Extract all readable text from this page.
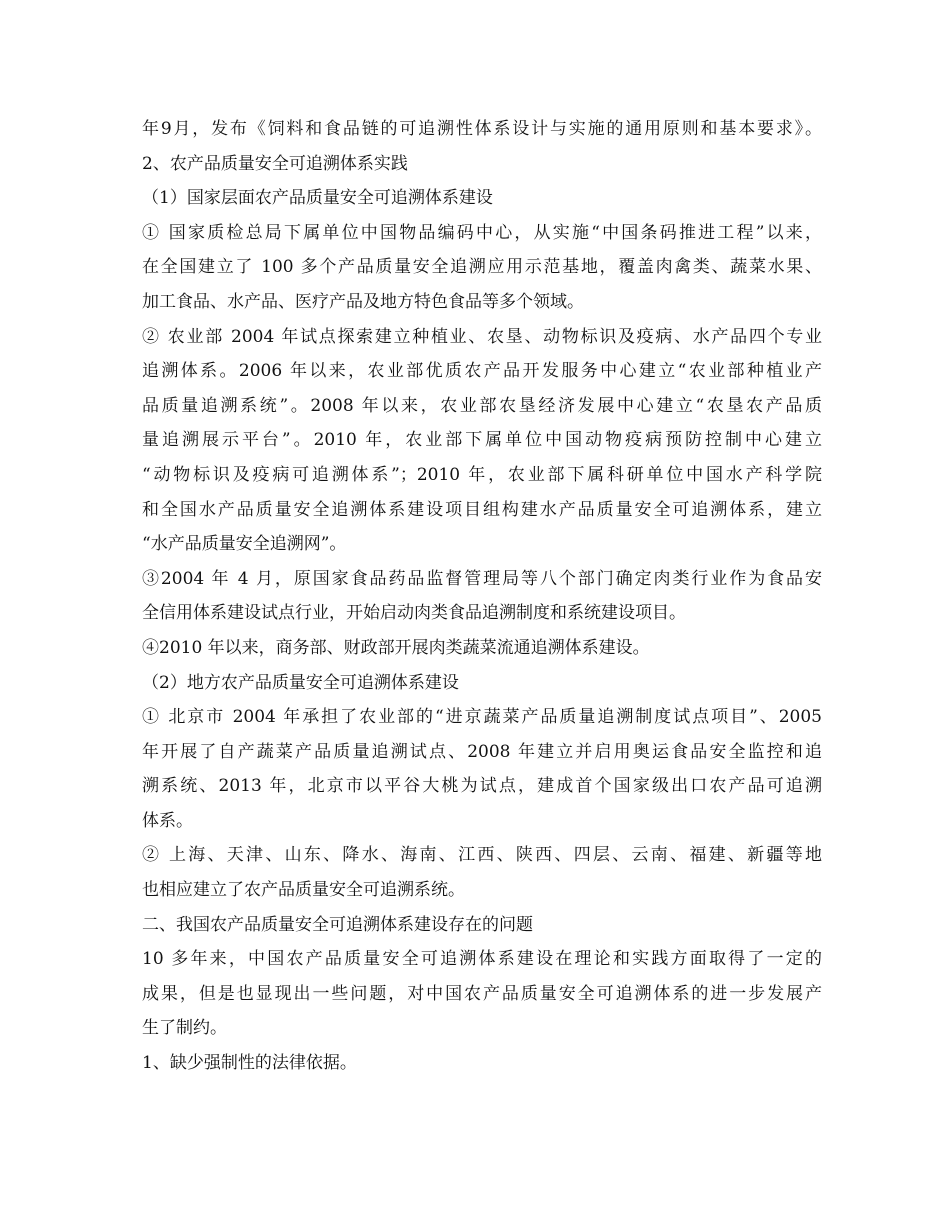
年9月，发布《饲料和食品链的可追溯性体系设计与实施的通用原则和基本要求》。
2、农产品质量安全可追溯体系实践
（1）国家层面农产品质量安全可追溯体系建设
① 国家质检总局下属单位中国物品编码中心，从实施“中国条码推进工程”以来，
在全国建立了 100 多个产品质量安全追溯应用示范基地，覆盖肉禽类、蔬菜水果、
加工食品、水产品、医疗产品及地方特色食品等多个领域。
② 农业部 2004 年试点探索建立种植业、农垦、动物标识及疫病、水产品四个专业
追溯体系。2006 年以来，农业部优质农产品开发服务中心建立“农业部种植业产
品质量追溯系统”。2008 年以来，农业部农垦经济发展中心建立“农垦农产品质
量追溯展示平台”。2010 年，农业部下属单位中国动物疫病预防控制中心建立
“动物标识及疫病可追溯体系”；2010 年，农业部下属科研单位中国水产科学院
和全国水产品质量安全追溯体系建设项目组构建水产品质量安全可追溯体系，建立
“水产品质量安全追溯网”。
③2004 年 4 月，原国家食品药品监督管理局等八个部门确定肉类行业作为食品安
全信用体系建设试点行业，开始启动肉类食品追溯制度和系统建设项目。
④2010 年以来，商务部、财政部开展肉类蔬菜流通追溯体系建设。
（2）地方农产品质量安全可追溯体系建设
① 北京市 2004 年承担了农业部的“进京蔬菜产品质量追溯制度试点项目”、2005
年开展了自产蔬菜产品质量追溯试点、2008 年建立并启用奥运食品安全监控和追
溯系统、2013 年，北京市以平谷大桃为试点，建成首个国家级出口农产品可追溯
体系。
② 上海、天津、山东、降水、海南、江西、陕西、四层、云南、福建、新疆等地
也相应建立了农产品质量安全可追溯系统。
二、我国农产品质量安全可追溯体系建设存在的问题
10 多年来，中国农产品质量安全可追溯体系建设在理论和实践方面取得了一定的
成果，但是也显现出一些问题，对中国农产品质量安全可追溯体系的进一步发展产
生了制约。
1、缺少强制性的法律依据。
